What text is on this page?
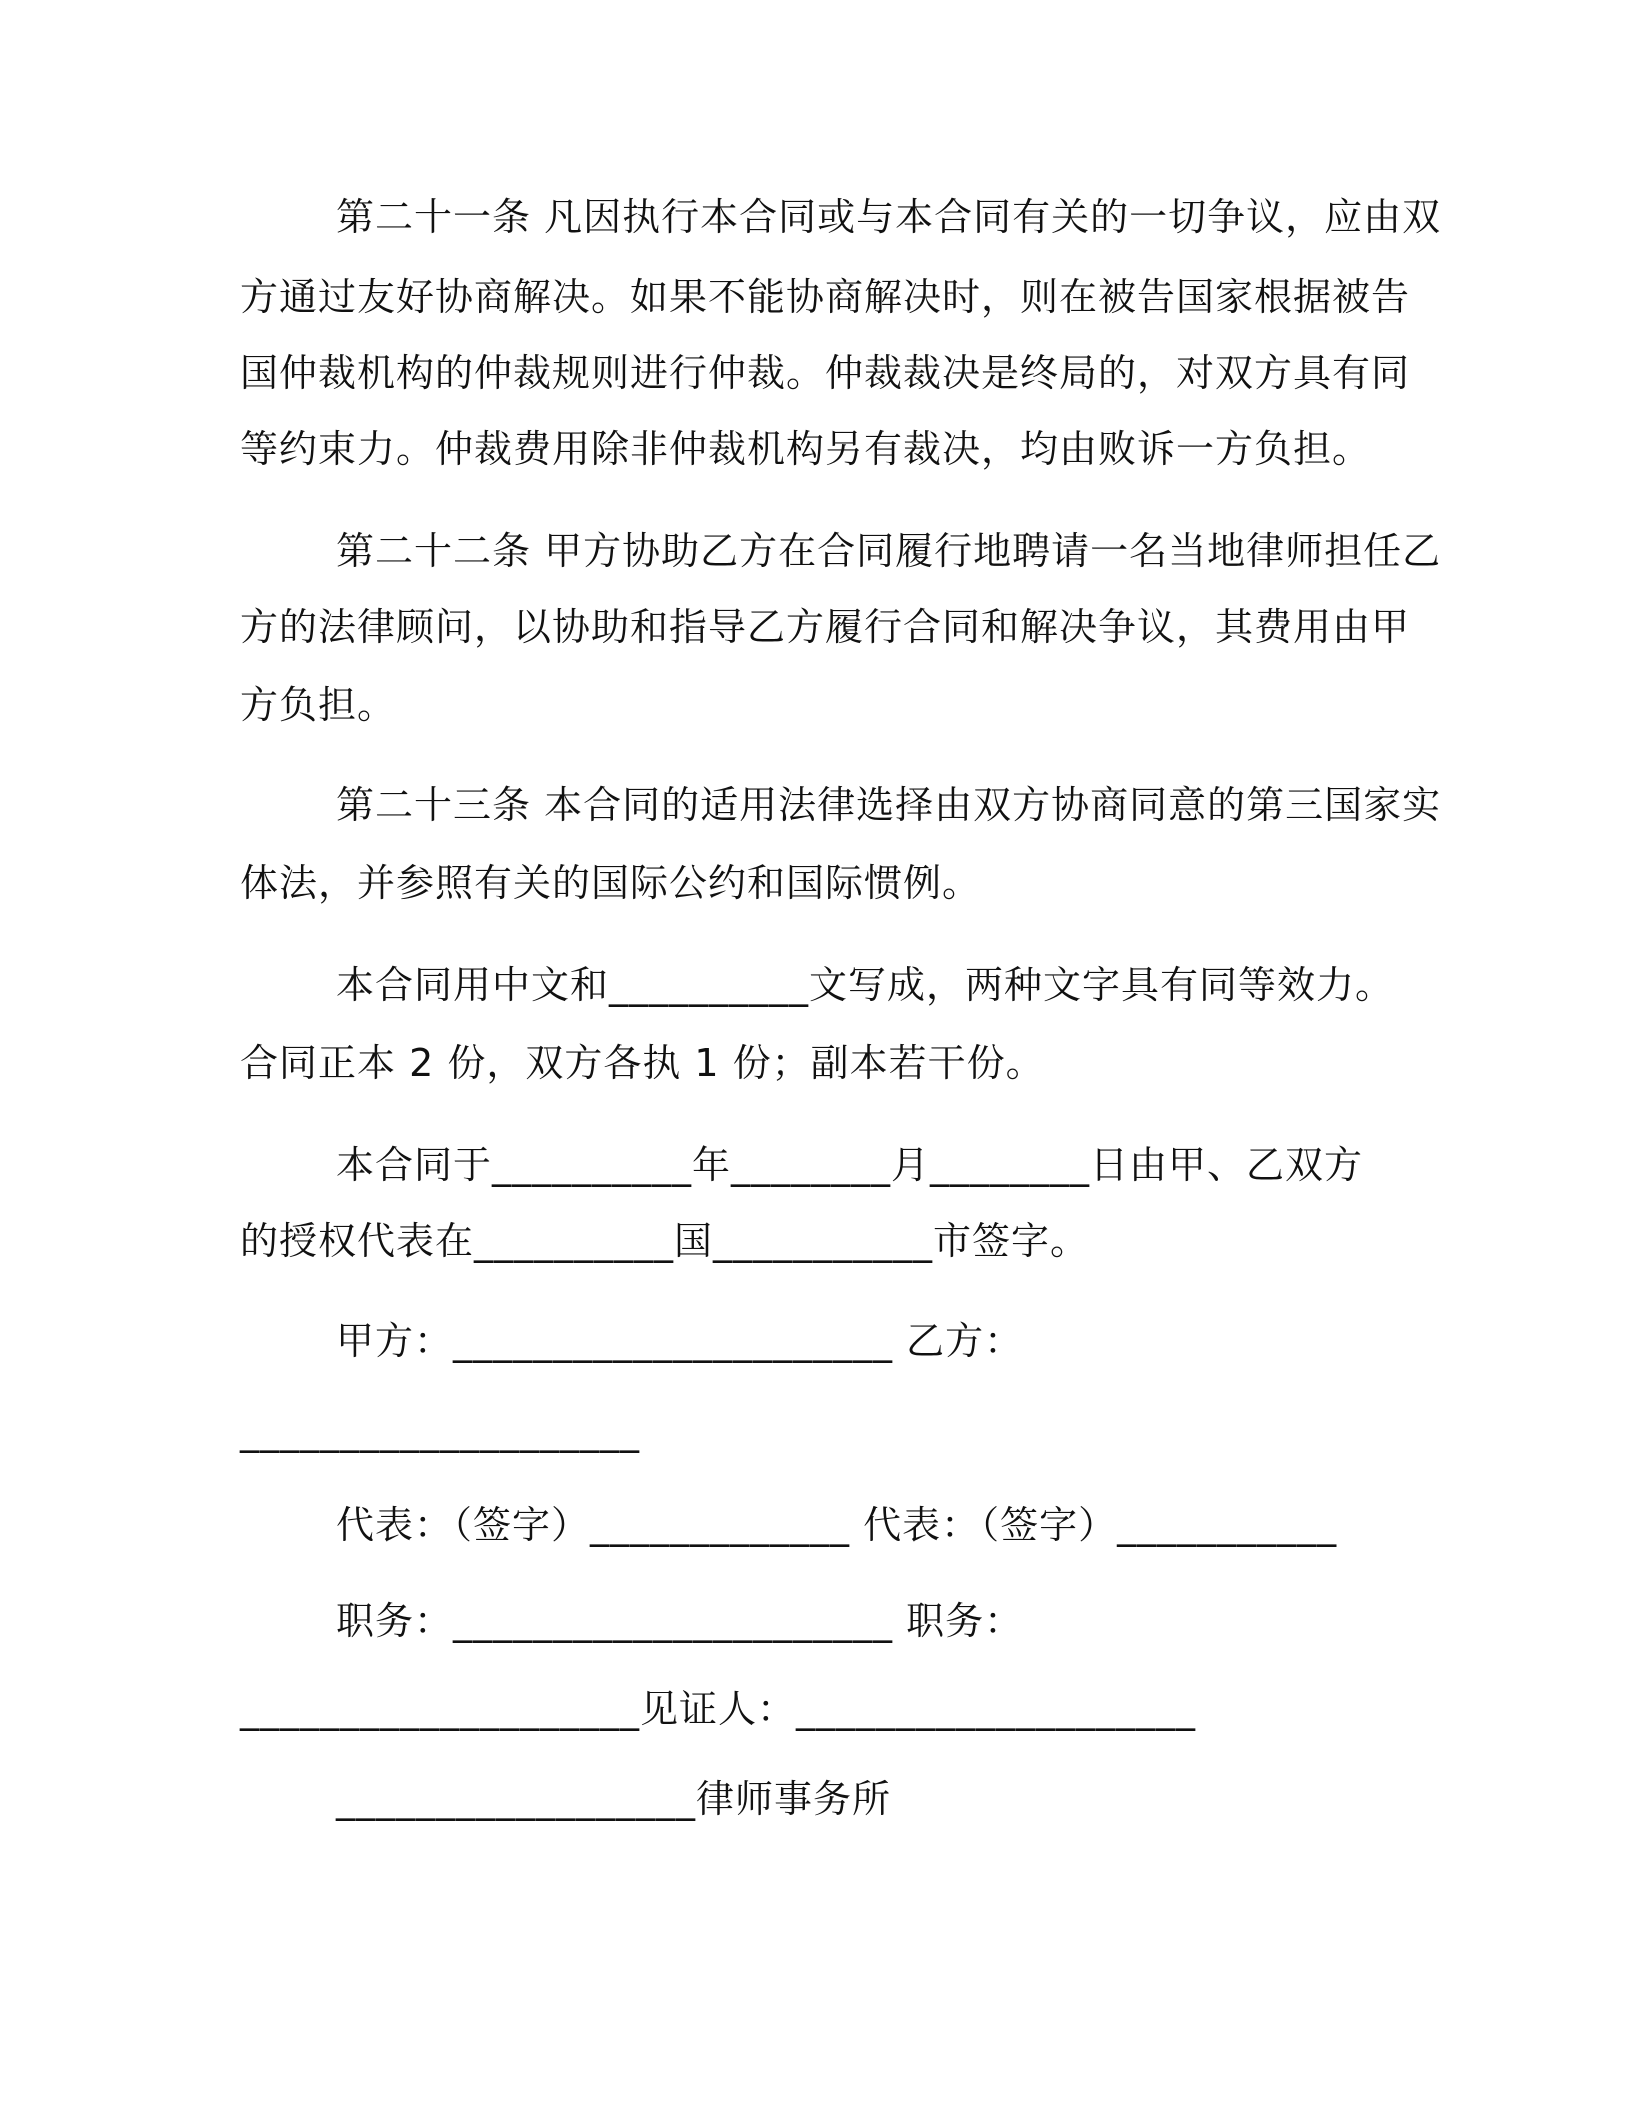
第二十一条 凡因执行本合同或与本合同有关的一切争议，应由双
方通过友好协商解决。如果不能协商解决时，则在被告国家根据被告
国仲裁机构的仲裁规则进行仲裁。仲裁裁决是终局的，对双方具有同
等约束力。仲裁费用除非仲裁机构另有裁决，均由败诉一方负担。
第二十二条 甲方协助乙方在合同履行地聘请一名当地律师担任乙
方的法律顾问，以协助和指导乙方履行合同和解决争议，其费用由甲
方负担。
第二十三条 本合同的适用法律选择由双方协商同意的第三国家实
体法，并参照有关的国际公约和国际惯例。
本合同用中文和__________文写成，两种文字具有同等效力。
合同正本 2 份，双方各执 1 份；副本若干份。
本合同于__________年________月________日由甲、乙双方
的授权代表在__________国___________市签字。
甲方：______________________ 乙方：
____________________
代表：（签字）_____________ 代表：（签字）___________
职务：______________________ 职务：
____________________见证人：____________________
__________________律师事务所
